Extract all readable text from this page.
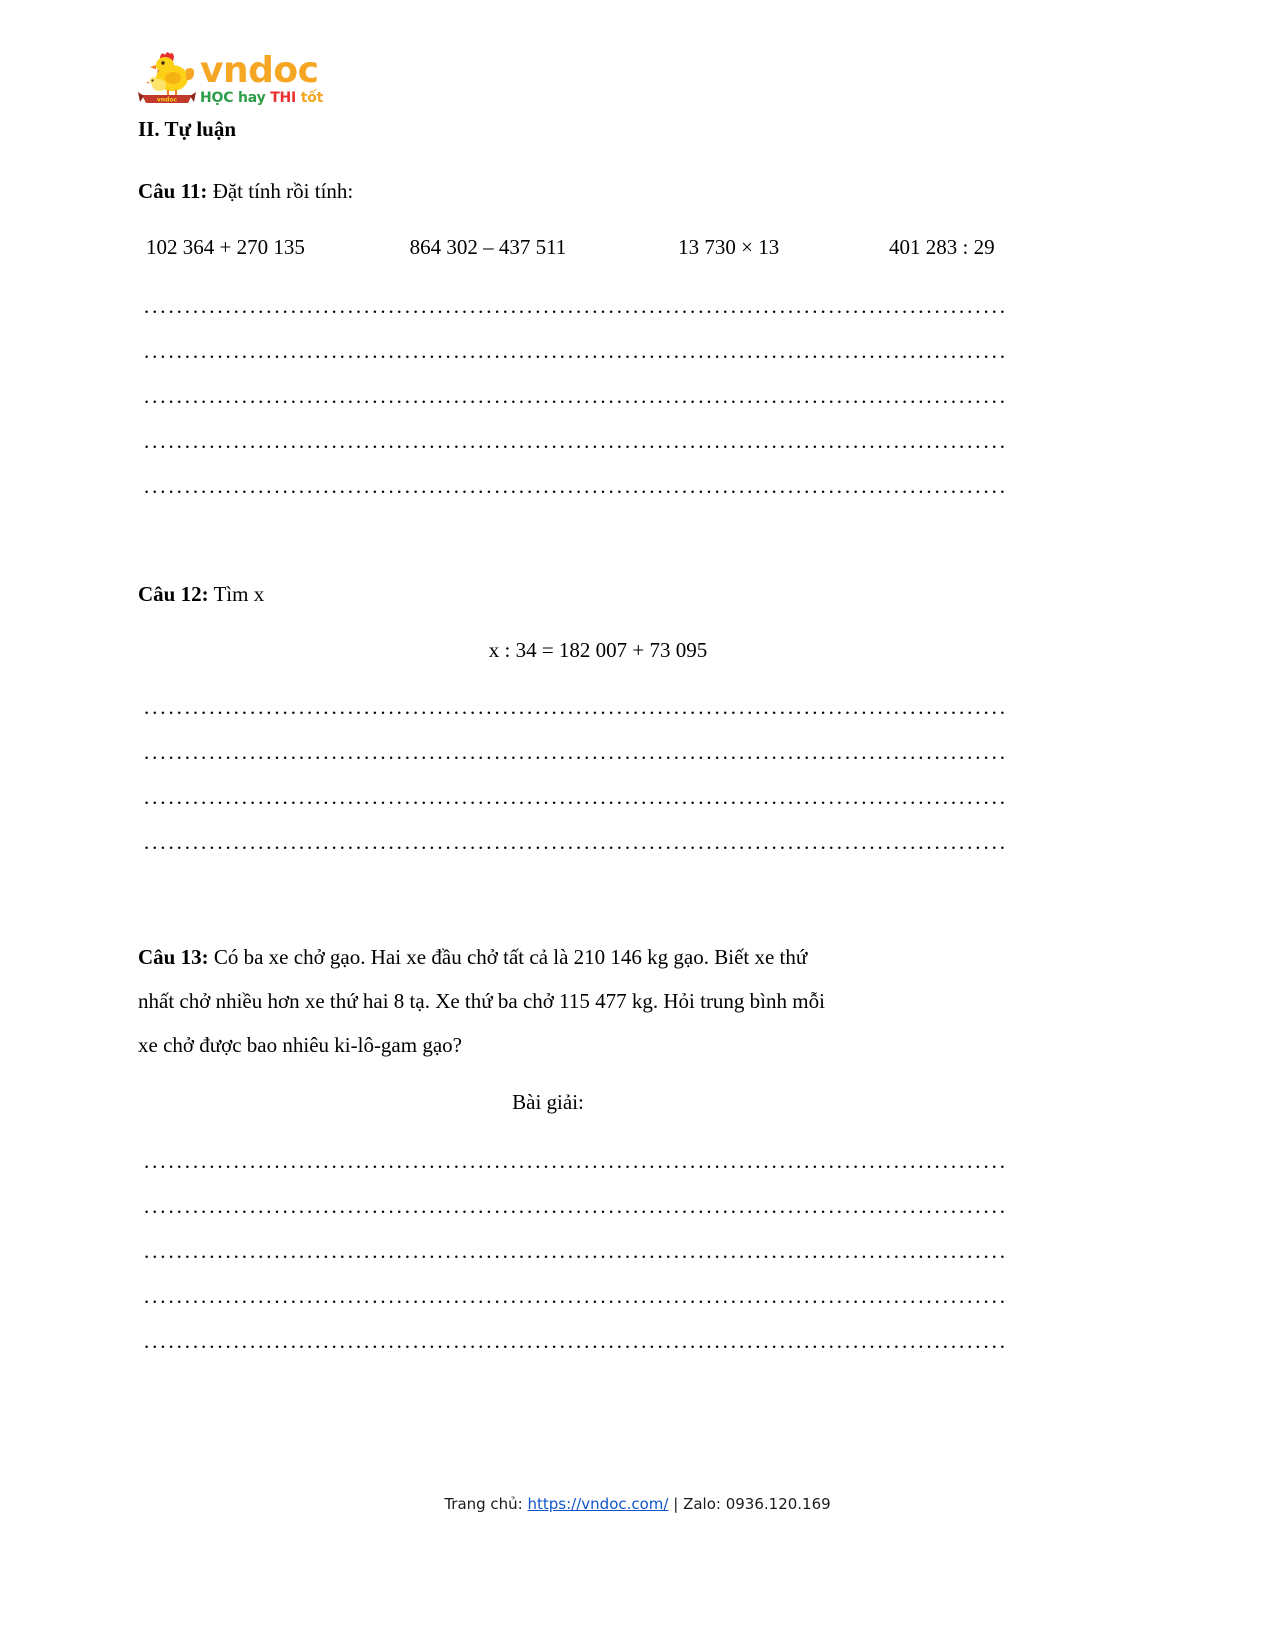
vndoc
vndoc
HỌC hay THI tốt
II. Tự luận
Câu 11: Đặt tính rồi tính:
102 364 + 270 135	864 302 – 437 511	13 730 × 13	401 283 : 29
..........................................................................................................
..........................................................................................................
..........................................................................................................
..........................................................................................................
..........................................................................................................
Câu 12: Tìm x
x : 34 = 182 007 + 73 095
..........................................................................................................
..........................................................................................................
..........................................................................................................
..........................................................................................................
Câu 13: Có ba xe chở gạo. Hai xe đầu chở tất cả là 210 146 kg gạo. Biết xe thứ
nhất chở nhiều hơn xe thứ hai 8 tạ. Xe thứ ba chở 115 477 kg. Hỏi trung bình mỗi
xe chở được bao nhiêu ki-lô-gam gạo?
Bài giải:
..........................................................................................................
..........................................................................................................
..........................................................................................................
..........................................................................................................
..........................................................................................................
Trang chủ: https://vndoc.com/ | Zalo: 0936.120.169
